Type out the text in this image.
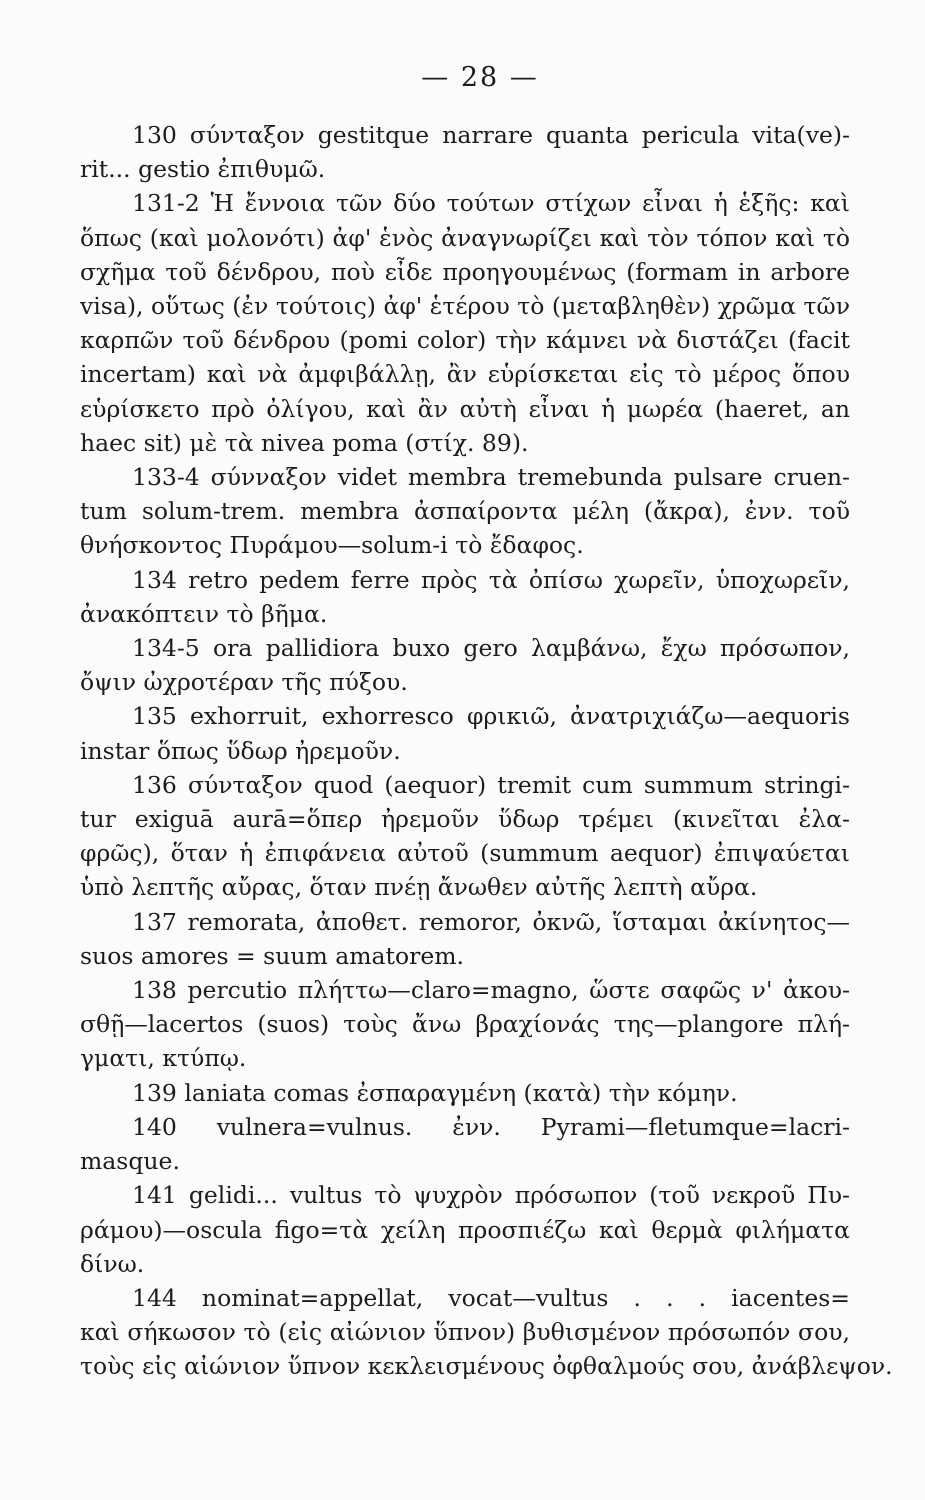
— 28 —
130 σύνταξον gestitque narrare quanta pericula vita(ve)-
rit... gestio ἐπιθυμῶ.
131-2 Ἡ ἔννοια τῶν δύο τούτων στίχων εἶναι ἡ ἑξῆς: καὶ
ὅπως (καὶ μολονότι) ἀφ' ἑνὸς ἀναγνωρίζει καὶ τὸν τόπον καὶ τὸ
σχῆμα τοῦ δένδρου, ποὺ εἶδε προηγουμένως (formam in arbore
visa), οὕτως (ἐν τούτοις) ἀφ' ἑτέρου τὸ (μεταβληθὲν) χρῶμα τῶν
καρπῶν τοῦ δένδρου (pomi color) τὴν κάμνει νὰ διστάζει (facit
incertam) καὶ νὰ ἀμφιβάλλῃ, ἂν εὑρίσκεται εἰς τὸ μέρος ὅπου
εὑρίσκετο πρὸ ὀλίγου, καὶ ἂν αὐτὴ εἶναι ἡ μωρέα (haeret, an
haec sit) μὲ τὰ nivea poma (στίχ. 89).
133-4 σύνναξον videt membra tremebunda pulsare cruen-
tum solum-trem. membra ἀσπαίροντα μέλη (ἄκρα), ἐνν. τοῦ
θνήσκοντος Πυράμου—solum-i τὸ ἔδαφος.
134 retro pedem ferre πρὸς τὰ ὀπίσω χωρεῖν, ὑποχωρεῖν,
ἀνακόπτειν τὸ βῆμα.
134-5 ora pallidiora buxo gero λαμβάνω, ἔχω πρόσωπον,
ὄψιν ὠχροτέραν τῆς πύξου.
135 exhorruit, exhorresco φρικιῶ, ἀνατριχιάζω—aequoris
instar ὅπως ὕδωρ ἠρεμοῦν.
136 σύνταξον quod (aequor) tremit cum summum stringi-
tur exiguā aurā=ὅπερ ἠρεμοῦν ὕδωρ τρέμει (κινεῖται ἐλα-
φρῶς), ὅταν ἡ ἐπιφάνεια αὐτοῦ (summum aequor) ἐπιψαύεται
ὑπὸ λεπτῆς αὔρας, ὅταν πνέῃ ἄνωθεν αὐτῆς λεπτὴ αὔρα.
137 remorata, ἀποθετ. remoror, ὀκνῶ, ἵσταμαι ἀκίνητος—
suos amores = suum amatorem.
138 percutio πλήττω—claro=magno, ὥστε σαφῶς ν' ἀκου-
σθῇ—lacertos (suos) τοὺς ἄνω βραχίονάς της—plangore πλή-
γματι, κτύπῳ.
139 laniata comas ἐσπαραγμένη (κατὰ) τὴν κόμην.
140 vulnera=vulnus. ἐνν. Pyrami—fletumque=lacri-
masque.
141 gelidi... vultus τὸ ψυχρὸν πρόσωπον (τοῦ νεκροῦ Πυ-
ράμου)—oscula figo=τὰ χείλη προσπιέζω καὶ θερμὰ φιλήματα
δίνω.
144 nominat=appellat, vocat—vultus . . . iacentes=
καὶ σήκωσον τὸ (εἰς αἰώνιον ὕπνον) βυθισμένον πρόσωπόν σου,
τοὺς εἰς αἰώνιον ὕπνον κεκλεισμένους ὀφθαλμούς σου, ἀνάβλεψον.
